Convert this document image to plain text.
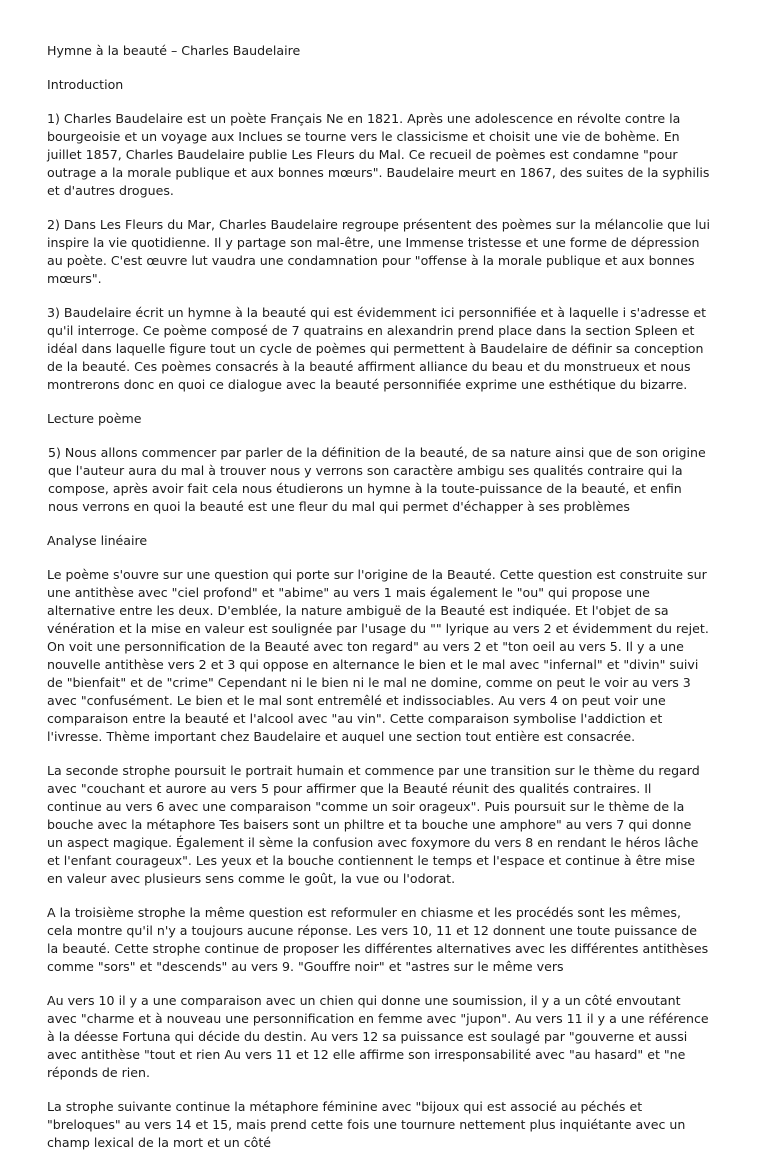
Hymne à la beauté – Charles Baudelaire
Introduction

1) Charles Baudelaire est un poète Français Ne en 1821. Après une adolescence en révolte contre la bourgeoisie et un voyage aux Inclues se tourne vers le classicisme et choisit une vie de bohème. En juillet 1857, Charles Baudelaire publie Les Fleurs du Mal. Ce recueil de poèmes est condamne "pour outrage a la morale publique et aux bonnes mœurs". Baudelaire meurt en 1867, des suites de la syphilis et d'autres drogues.

2) Dans Les Fleurs du Mar, Charles Baudelaire regroupe présentent des poèmes sur la mélancolie que lui inspire la vie quotidienne. Il y partage son mal-être, une Immense tristesse et une forme de dépression au poète. C'est œuvre lut vaudra une condamnation pour "offense à la morale publique et aux bonnes mœurs".

3) Baudelaire écrit un hymne à la beauté qui est évidemment ici personnifiée et à laquelle i s'adresse et qu'il interroge. Ce poème composé de 7 quatrains en alexandrin prend place dans la section Spleen et idéal dans laquelle figure tout un cycle de poèmes qui permettent à Baudelaire de définir sa conception de la beauté. Ces poèmes consacrés à la beauté affirment alliance du beau et du monstrueux et nous montrerons donc en quoi ce dialogue avec la beauté personnifiée exprime une esthétique du bizarre.

Lecture poème

5) Nous allons commencer par parler de la définition de la beauté, de sa nature ainsi que de son origine que l'auteur aura du mal à trouver nous y verrons son caractère ambigu ses qualités contraire qui la compose, après avoir fait cela nous étudierons un hymne à la toute-puissance de la beauté, et enfin nous verrons en quoi la beauté est une fleur du mal qui permet d'échapper à ses problèmes

Analyse linéaire

Le poème s'ouvre sur une question qui porte sur l'origine de la Beauté. Cette question est construite sur une antithèse avec "ciel profond" et "abime" au vers 1 mais également le "ou" qui propose une alternative entre les deux. D'emblée, la nature ambiguë de la Beauté est indiquée. Et l'objet de sa vénération et la mise en valeur est soulignée par l'usage du "" lyrique au vers 2 et évidemment du rejet. On voit une personnification de la Beauté avec ton regard" au vers 2 et "ton oeil au vers 5. Il y a une nouvelle antithèse vers 2 et 3 qui oppose en alternance le bien et le mal avec "infernal" et "divin" suivi de "bienfait" et de "crime" Cependant ni le bien ni le mal ne domine, comme on peut le voir au vers 3 avec "confusément. Le bien et le mal sont entremêlé et indissociables. Au vers 4 on peut voir une comparaison entre la beauté et l'alcool avec "au vin". Cette comparaison symbolise l'addiction et l'ivresse. Thème important chez Baudelaire et auquel une section tout entière est consacrée.

La seconde strophe poursuit le portrait humain et commence par une transition sur le thème du regard avec "couchant et aurore au vers 5 pour affirmer que la Beauté réunit des qualités contraires. Il continue au vers 6 avec une comparaison "comme un soir orageux". Puis poursuit sur le thème de la bouche avec la métaphore Tes baisers sont un philtre et ta bouche une amphore" au vers 7 qui donne un aspect magique. Également il sème la confusion avec foxymore du vers 8 en rendant le héros lâche et l'enfant courageux". Les yeux et la bouche contiennent le temps et l'espace et continue à être mise en valeur avec plusieurs sens comme le goût, la vue ou l'odorat.

A la troisième strophe la même question est reformuler en chiasme et les procédés sont les mêmes, cela montre qu'il n'y a toujours aucune réponse. Les vers 10, 11 et 12 donnent une toute puissance de la beauté. Cette strophe continue de proposer les différentes alternatives avec les différentes antithèses comme "sors" et "descends" au vers 9. "Gouffre noir" et "astres sur le même vers

Au vers 10 il y a une comparaison avec un chien qui donne une soumission, il y a un côté envoutant avec "charme et à nouveau une personnification en femme avec "jupon". Au vers 11 il y a une référence à la déesse Fortuna qui décide du destin. Au vers 12 sa puissance est soulagé par "gouverne et aussi avec antithèse "tout et rien Au vers 11 et 12 elle affirme son irresponsabilité avec "au hasard" et "ne réponds de rien.

La strophe suivante continue la métaphore féminine avec "bijoux qui est associé au péchés et "breloques" au vers 14 et 15, mais prend cette fois une tournure nettement plus inquiétante avec un champ lexical de la mort et un côté
